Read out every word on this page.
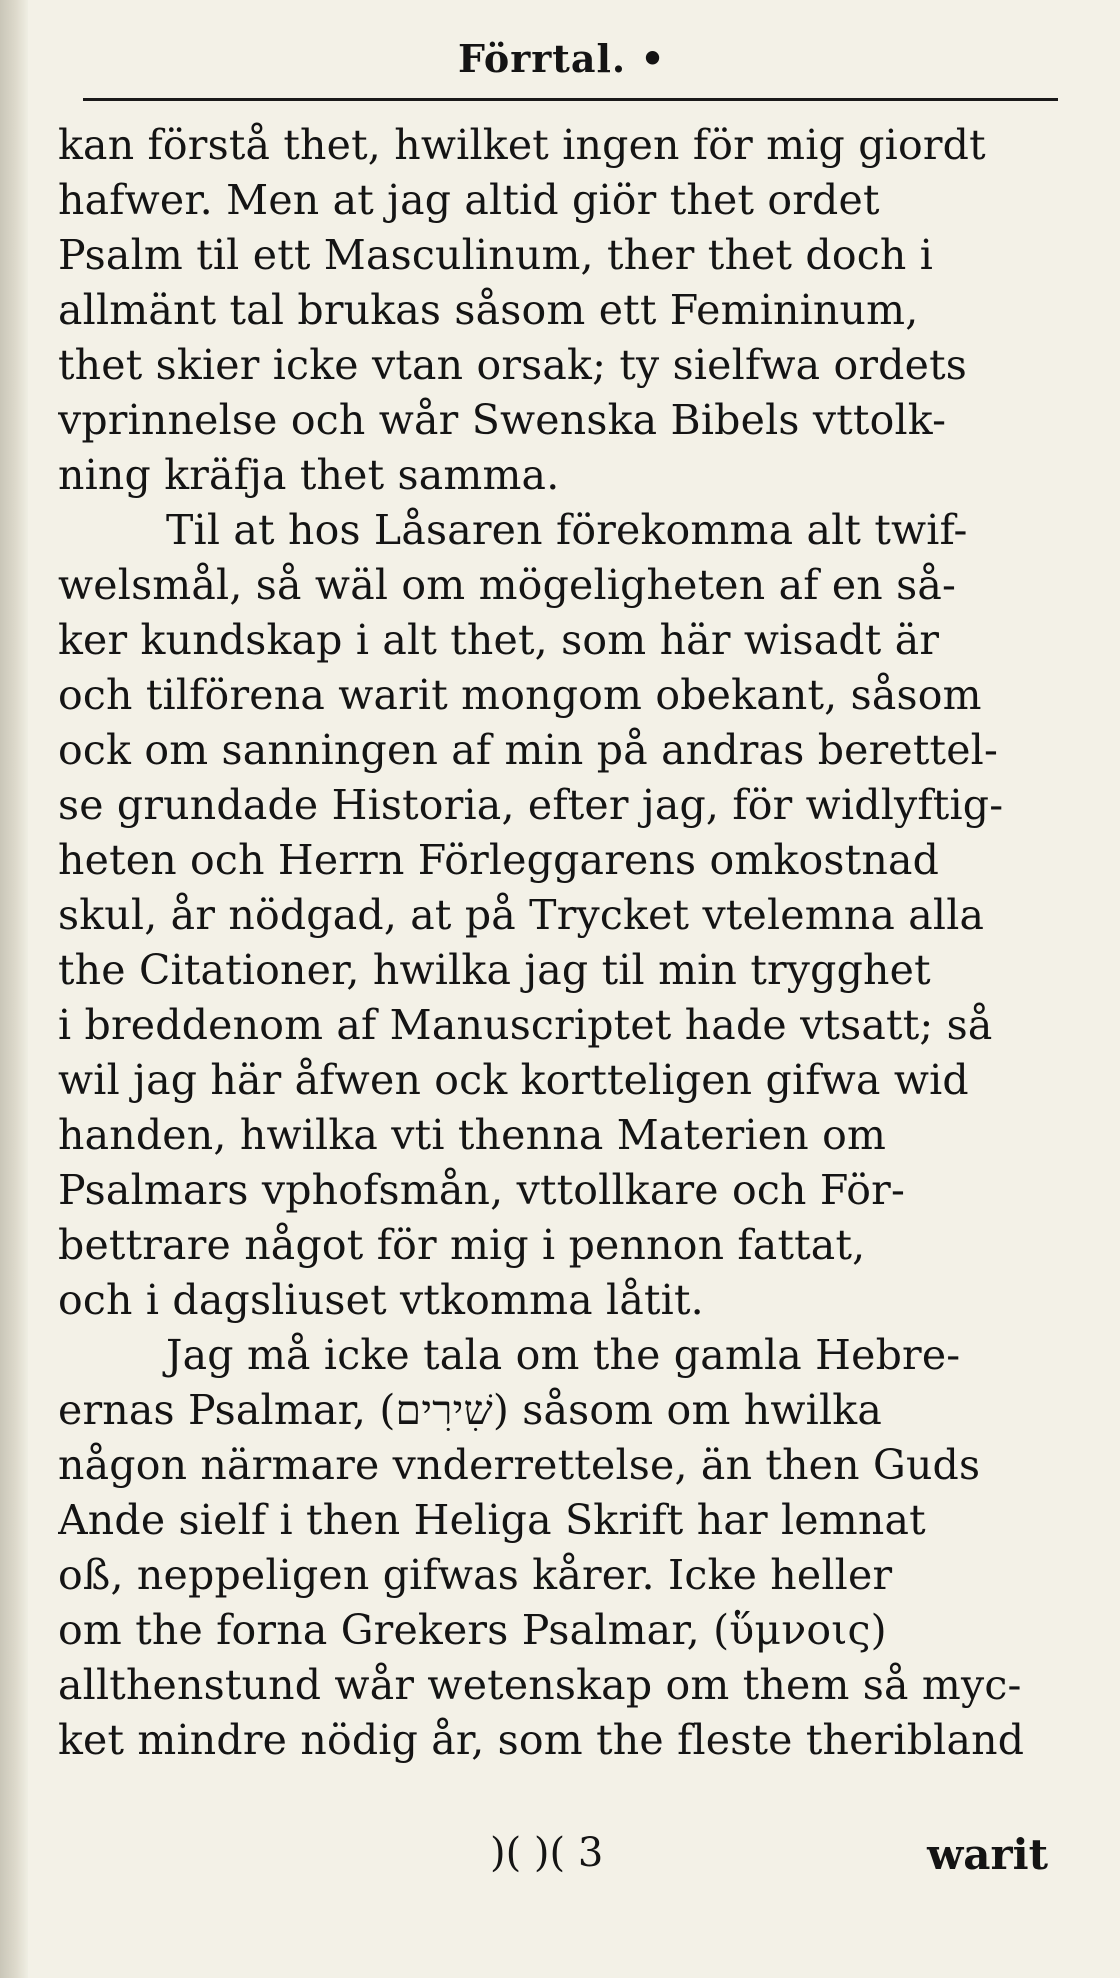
Förrtal. •
kan förstå thet, hwilket ingen för mig giordt
hafwer. Men at jag altid giör thet ordet
Psalm til ett Masculinum, ther thet doch i
allmänt tal brukas såsom ett Femininum,
thet skier icke vtan orsak; ty sielfwa ordets
vprinnelse och wår Swenska Bibels vttolk-
ning kräfja thet samma.
Til at hos Låsaren förekomma alt twif-
welsmål, så wäl om mögeligheten af en så-
ker kundskap i alt thet, som här wisadt är
och tilförena warit mongom obekant, såsom
ock om sanningen af min på andras berettel-
se grundade Historia, efter jag, för widlyftig-
heten och Herrn Förleggarens omkostnad
skul, år nödgad, at på Trycket vtelemna alla
the Citationer, hwilka jag til min trygghet
i breddenom af Manuscriptet hade vtsatt; så
wil jag här åfwen ock kortteligen gifwa wid
handen, hwilka vti thenna Materien om
Psalmars vphofsmån, vttollkare och För-
bettrare något för mig i pennon fattat,
och i dagsliuset vtkomma låtit.
Jag må icke tala om the gamla Hebre-
ernas Psalmar, (שִׁירִים) såsom om hwilka
någon närmare vnderrettelse, än then Guds
Ande sielf i then Heliga Skrift har lemnat
oß, neppeligen gifwas kårer. Icke heller
om the forna Grekers Psalmar, (ὕμνοις)
allthenstund wår wetenskap om them så myc-
ket mindre nödig år, som the fleste theribland
)( )( 3	warit
